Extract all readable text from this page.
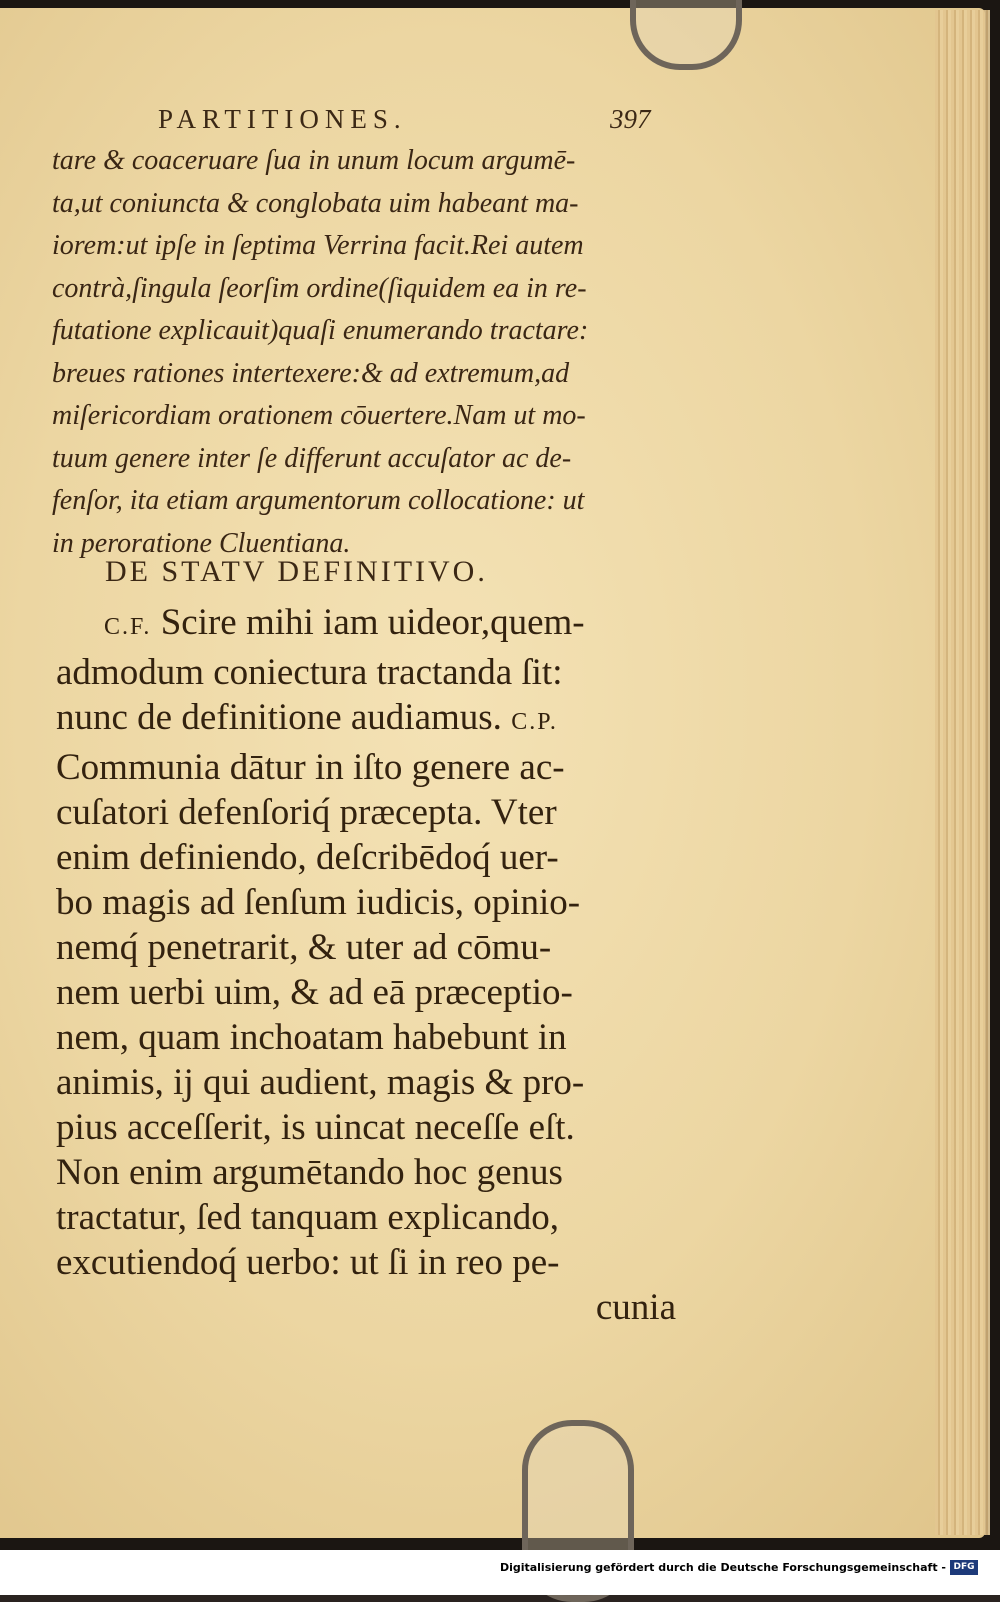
PARTITIONES.	397
tare & coaceruare ſua in unum locum argumē-
ta,ut coniuncta & conglobata uim habeant ma-
iorem:ut ipſe in ſeptima Verrina facit.Rei autem
contrà,ſingula ſeorſim ordine(ſiquidem ea in re-
futatione explicauit)quaſi enumerando tractare:
breues rationes intertexere:& ad extremum,ad
miſericordiam orationem cōuertere.Nam ut mo-
tuum genere inter ſe differunt accuſator ac de-
fenſor, ita etiam argumentorum collocatione: ut
in peroratione Cluentiana.
DE STATV DEFINITIVO.
C.F. Scire mihi iam uideor,quem-
admodum coniectura tractanda ſit:
nunc de definitione audiamus. C.P.
Communia dātur in iſto genere ac-
cuſatori defenſoriq́ præcepta. Vter
enim definiendo, deſcribēdoq́ uer-
bo magis ad ſenſum iudicis, opinio-
nemq́ penetrarit, & uter ad cōmu-
nem uerbi uim, & ad eā præceptio-
nem, quam inchoatam habebunt in
animis, ij qui audient, magis & pro-
pius acceſſerit, is uincat neceſſe eſt.
Non enim argumētando hoc genus
tractatur, ſed tanquam explicando,
excutiendoq́ uerbo: ut ſi in reo pe-
cunia
Digitalisierung gefördert durch die Deutsche Forschungsgemeinschaft - DFG
